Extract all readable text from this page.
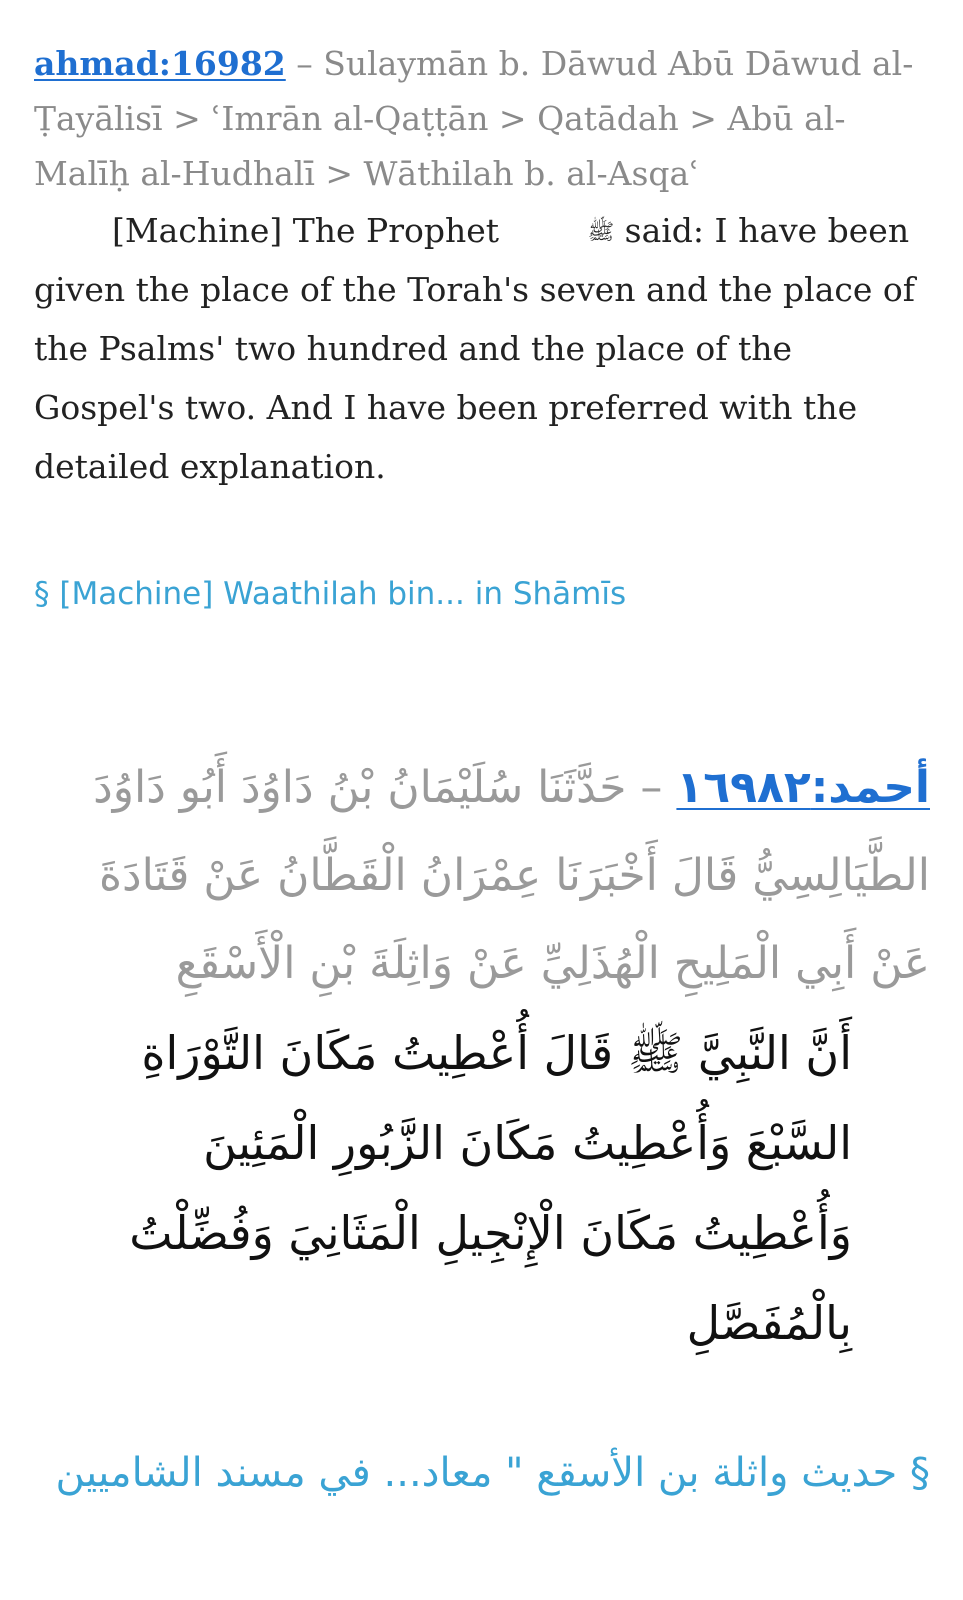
ahmad:16982 – Sulaymān b. Dāwud Abū Dāwud al-Ṭayālisī > ʿImrān al-Qaṭṭān > Qatādah > Abū al-Malīḥ al-Hudhalī > Wāthilah b. al-Asqaʿ
[Machine] The Prophet	ﷺ said: I have been given the place of the Torah's seven and the place of the Psalms' two hundred and the place of the Gospel's two. And I have been preferred with the detailed explanation.
§ [Machine] Waathilah bin... in Shāmīs
أحمد:١٦٩٨٢ – حَدَّثَنَا سُلَيْمَانُ بْنُ دَاوُدَ أَبُو دَاوُدَ الطَّيَالِسِيُّ قَالَ أَخْبَرَنَا عِمْرَانُ الْقَطَّانُ عَنْ قَتَادَةَ عَنْ أَبِي الْمَلِيحِ الْهُذَلِيِّ عَنْ وَاثِلَةَ بْنِ الْأَسْقَعِ
أَنَّ النَّبِيَّ ﷺ قَالَ أُعْطِيتُ مَكَانَ التَّوْرَاةِ السَّبْعَ وَأُعْطِيتُ مَكَانَ الزَّبُورِ الْمَئِينَ وَأُعْطِيتُ مَكَانَ الْإِنْجِيلِ الْمَثَانِيَ وَفُضِّلْتُ بِالْمُفَصَّلِ
§ حديث واثلة بن الأسقع " معاد... في مسند الشاميين
